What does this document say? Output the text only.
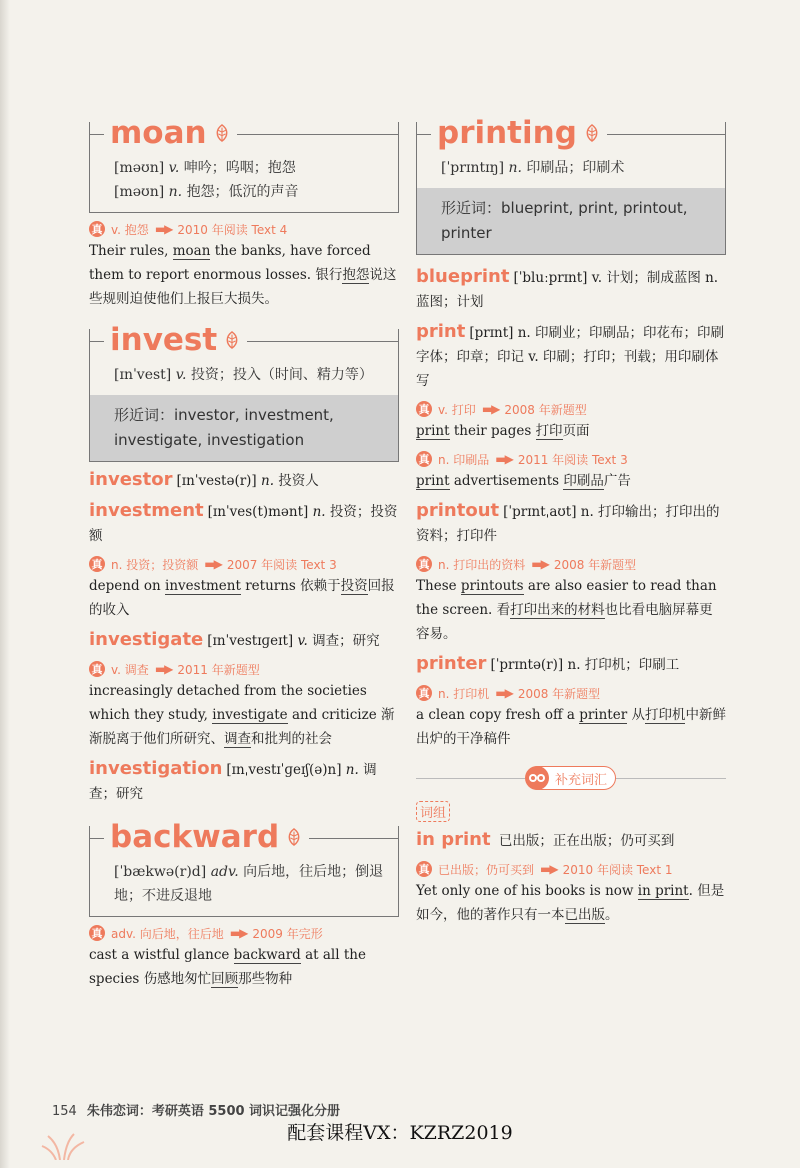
moan
[məʊn] v. 呻吟；呜咽；抱怨
[məʊn] n. 抱怨；低沉的声音
真 v. 抱怨 ▬▶ 2010 年阅读 Text 4
Their rules, moan the banks, have forced them to report enormous losses. 银行抱怨说这些规则迫使他们上报巨大损失。
invest
[ɪnˈvest] v. 投资；投入（时间、精力等）
形近词：investor, investment, investigate, investigation
investor [ɪnˈvestə(r)] n. 投资人
investment [ɪnˈves(t)mənt] n. 投资；投资额
真 n. 投资；投资额 ▬▶ 2007 年阅读 Text 3
depend on investment returns 依赖于投资回报的收入
investigate [ɪnˈvestɪɡeɪt] v. 调查；研究
真 v. 调查 ▬▶ 2011 年新题型
increasingly detached from the societies which they study, investigate and criticize 渐渐脱离于他们所研究、调查和批判的社会
investigation [ɪnˌvestɪˈɡeɪʃ(ə)n] n. 调查；研究
backward
[ˈbækwə(r)d] adv. 向后地，往后地；倒退地；不进反退地
真 adv. 向后地，往后地 ▬▶ 2009 年完形
cast a wistful glance backward at all the species 伤感地匆忙回顾那些物种
printing
[ˈprɪntɪŋ] n. 印刷品；印刷术
形近词：blueprint, print, printout, printer
blueprint [ˈbluːprɪnt] v. 计划；制成蓝图 n. 蓝图；计划
print [prɪnt] n. 印刷业；印刷品；印花布；印刷字体；印章；印记 v. 印刷；打印；刊载；用印刷体写
真 v. 打印 ▬▶ 2008 年新题型
print their pages 打印页面
真 n. 印刷品 ▬▶ 2011 年阅读 Text 3
print advertisements 印刷品广告
printout [ˈprɪntˌaʊt] n. 打印输出；打印出的资料；打印件
真 n. 打印出的资料 ▬▶ 2008 年新题型
These printouts are also easier to read than the screen. 看打印出来的材料也比看电脑屏幕更容易。
printer [ˈprɪntə(r)] n. 打印机；印刷工
真 n. 打印机 ▬▶ 2008 年新题型
a clean copy fresh off a printer 从打印机中新鲜出炉的干净稿件
补充词汇
词组
in print 已出版；正在出版；仍可买到
真 已出版；仍可买到 ▬▶ 2010 年阅读 Text 1
Yet only one of his books is now in print. 但是如今，他的著作只有一本已出版。
154 朱伟恋词：考研英语 5500 词识记强化分册
配套课程VX：KZRZ2019
